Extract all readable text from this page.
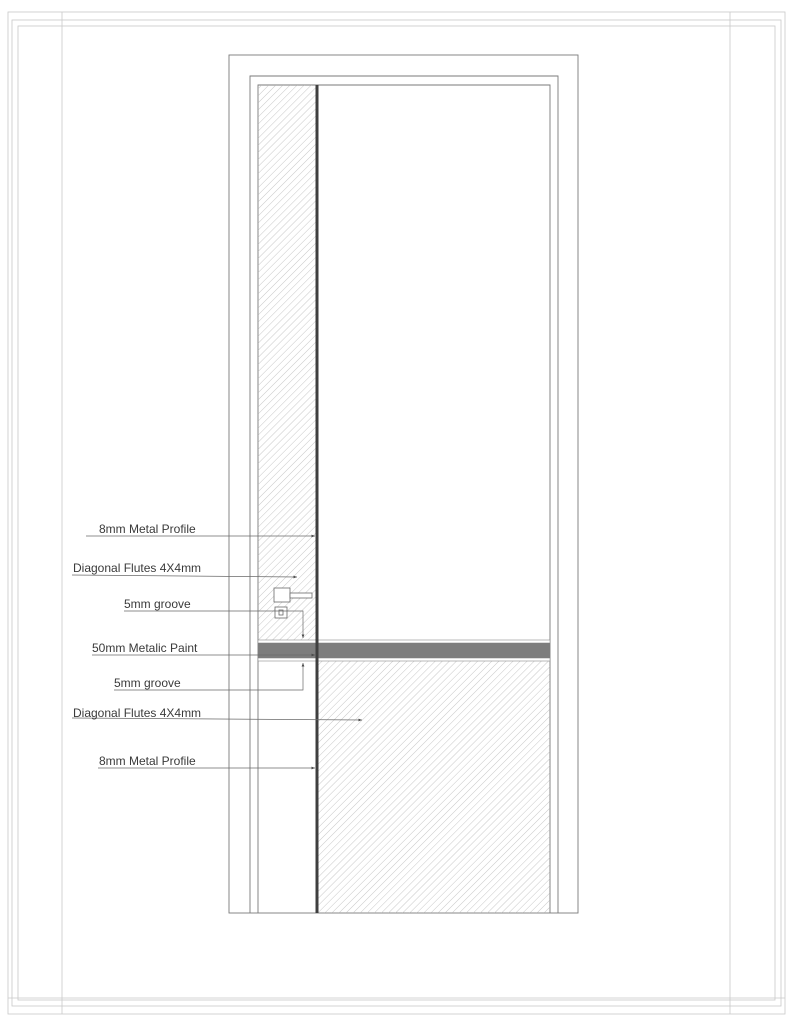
8mm Metal Profile
Diagonal Flutes 4X4mm
5mm groove
50mm Metalic Paint
5mm groove
Diagonal Flutes 4X4mm
8mm Metal Profile
